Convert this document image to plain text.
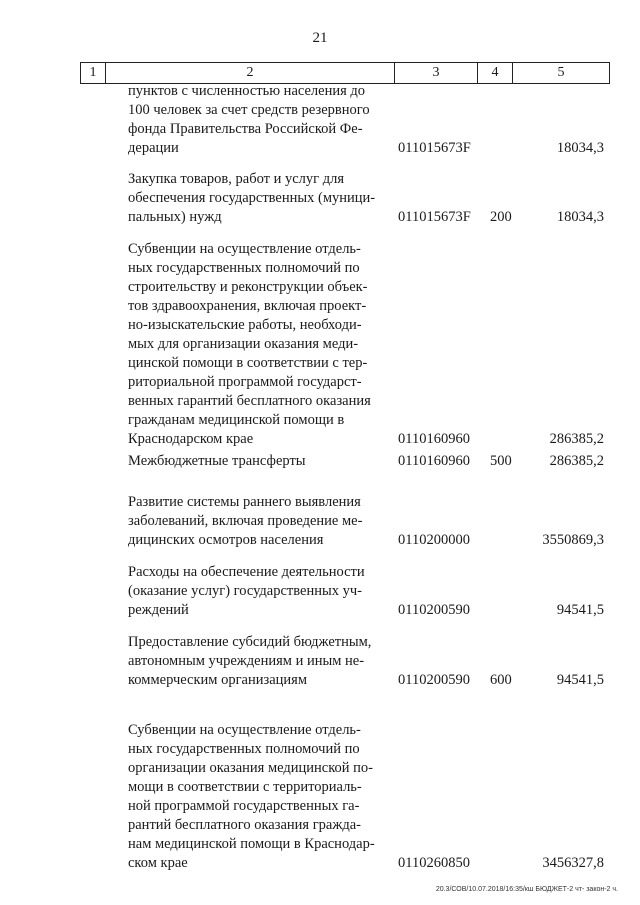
21
1	2	3	4	5
пунктов с численностью населения до
100 человек за счет средств резервного
фонда Правительства Российской Фе-
дерации	011015673F	18034,3
Закупка товаров, работ и услуг для
обеспечения государственных (муници-
пальных) нужд	011015673F 200	18034,3
Субвенции на осуществление отдель-
ных государственных полномочий по
строительству и реконструкции объек-
тов здравоохранения, включая проект-
но-изыскательские работы, необходи-
мых для организации оказания меди-
цинской помощи в соответствии с тер-
риториальной программой государст-
венных гарантий бесплатного оказания
гражданам медицинской помощи в
Краснодарском крае	0110160960	286385,2
Межбюджетные трансферты	0110160960 500	286385,2
Развитие системы раннего выявления
заболеваний, включая проведение ме-
дицинских осмотров населения	0110200000	3550869,3
Расходы на обеспечение деятельности
(оказание услуг) государственных уч-
реждений	0110200590	94541,5
Предоставление субсидий бюджетным,
автономным учреждениям и иным не-
коммерческим организациям	0110200590 600	94541,5
Субвенции на осуществление отдель-
ных государственных полномочий по
организации оказания медицинской по-
мощи в соответствии с территориаль-
ной программой государственных га-
рантий бесплатного оказания гражда-
нам медицинской помощи в Краснодар-
ском крае	0110260850	3456327,8
20.3/СОВ/10.07.2018/16:35/кш БЮДЖЕТ-2 чт- закон-2 ч.
